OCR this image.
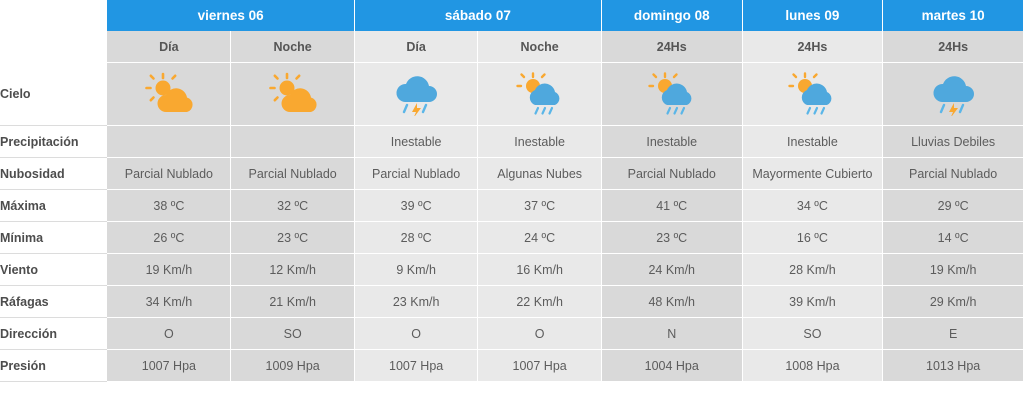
	viernes 06		sábado 07		domingo 08	lunes 09	martes 10
	Día	Noche	Día	Noche	24Hs	24Hs	24Hs
Cielo	

Precipitación			Inestable	Inestable	Inestable	Inestable	Lluvias Debiles
Nubosidad	Parcial Nublado	Parcial Nublado	Parcial Nublado	Algunas Nubes	Parcial Nublado	Mayormente Cubierto	Parcial Nublado
Máxima	38 ºC	32 ºC	39 ºC	37 ºC	41 ºC	34 ºC	29 ºC
Mínima	26 ºC	23 ºC	28 ºC	24 ºC	23 ºC	16 ºC	14 ºC
Viento	19 Km/h	12 Km/h	9 Km/h	16 Km/h	24 Km/h	28 Km/h	19 Km/h
Ráfagas	34 Km/h	21 Km/h	23 Km/h	22 Km/h	48 Km/h	39 Km/h	29 Km/h
Dirección	O	SO	O	O	N	SO	E
Presión	1007 Hpa	1009 Hpa	1007 Hpa	1007 Hpa	1004 Hpa	1008 Hpa	1013 Hpa
